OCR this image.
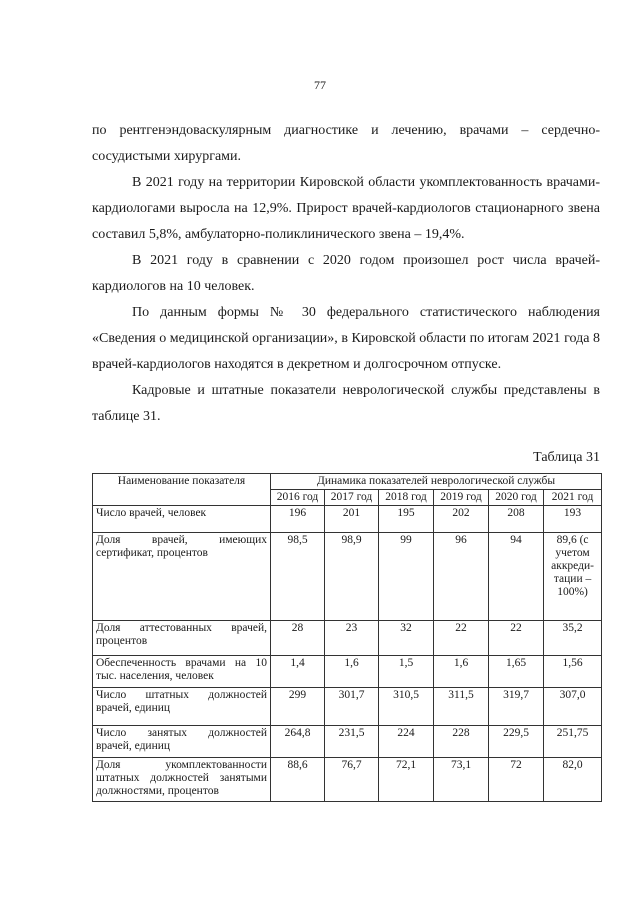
77

по рентгенэндоваскулярным диагностике и лечению, врачами – сердечно-сосудистыми хирургами.

В 2021 году на территории Кировской области укомплектованность врачами-кардиологами выросла на 12,9%. Прирост врачей-кардиологов стационарного звена составил 5,8%, амбулаторно-поликлинического звена – 19,4%.

В 2021 году в сравнении с 2020 годом произошел рост числа врачей-кардиологов на 10 человек.

По данным формы № 30 федерального статистического наблюдения «Сведения о медицинской организации», в Кировской области по итогам 2021 года 8 врачей-кардиологов находятся в декретном и долгосрочном отпуске.

Кадровые и штатные показатели неврологической службы представлены в таблице 31.

Таблица 31
Наименование показателя	Динамика показателей неврологической службы					
	2016 год	2017 год	2018 год	2019 год	2020 год	2021 год
Число врачей, человек	196	201	195	202	208	193
Доля врачей, имеющих сертификат, процентов	98,5	98,9	99	96	94	89,6 (с учетом аккреди-тации – 100%)
Доля аттестованных врачей, процентов	28	23	32	22	22	35,2
Обеспеченность врачами на 10 тыс. населения, человек	1,4	1,6	1,5	1,6	1,65	1,56
Число штатных должностей врачей, единиц	299	301,7	310,5	311,5	319,7	307,0
Число занятых должностей врачей, единиц	264,8	231,5	224	228	229,5	251,75
Доля укомплектованности штатных должностей занятыми должностями, процентов	88,6	76,7	72,1	73,1	72	82,0
